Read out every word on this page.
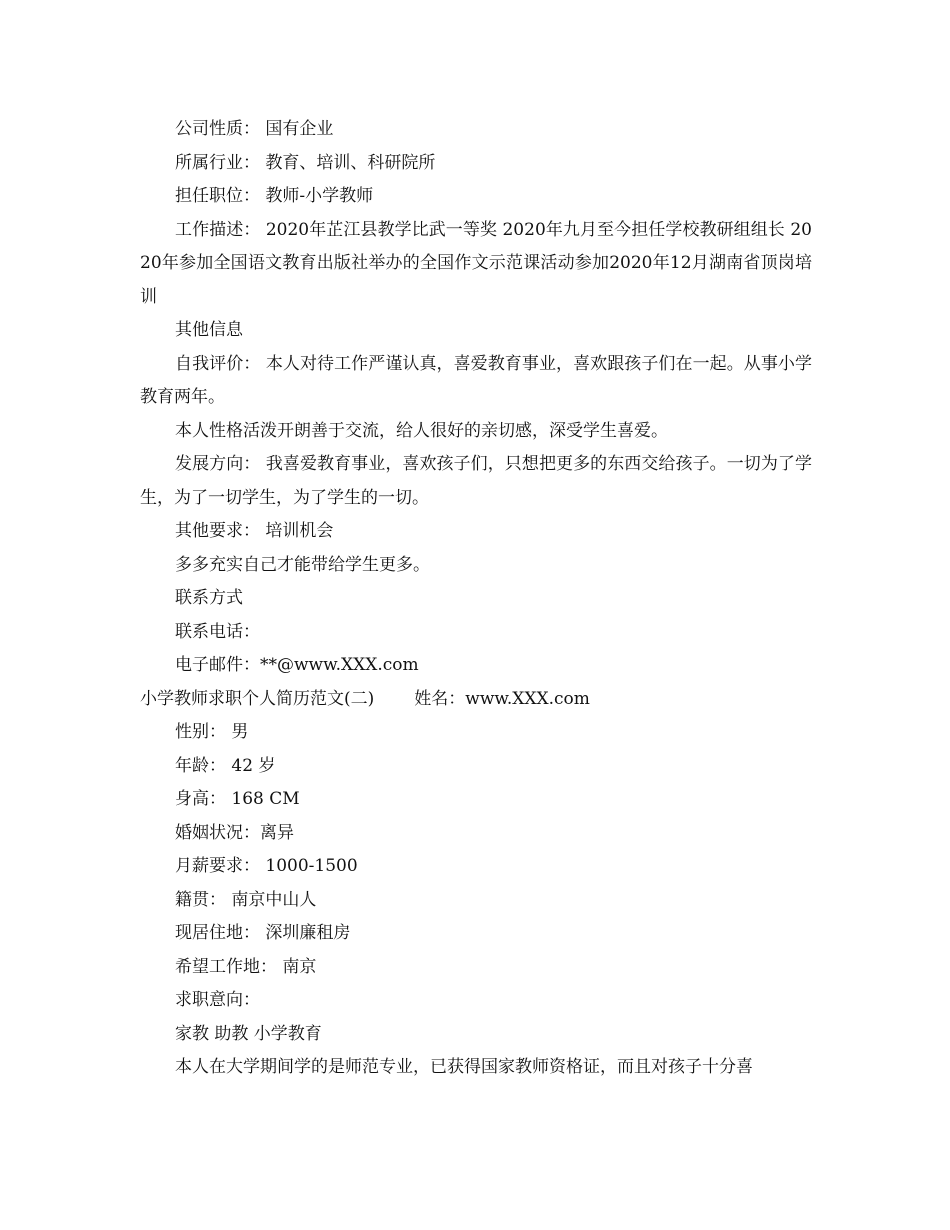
公司性质： 国有企业

所属行业： 教育、培训、科研院所

担任职位： 教师-小学教师

工作描述： 2020年芷江县教学比武一等奖 2020年九月至今担任学校教研组组长 2020年参加全国语文教育出版社举办的全国作文示范课活动参加2020年12月湖南省顶岗培训

其他信息

自我评价： 本人对待工作严谨认真，喜爱教育事业，喜欢跟孩子们在一起。从事小学教育两年。

本人性格活泼开朗善于交流，给人很好的亲切感，深受学生喜爱。

发展方向： 我喜爱教育事业，喜欢孩子们，只想把更多的东西交给孩子。一切为了学生，为了一切学生，为了学生的一切。

其他要求： 培训机会

多多充实自己才能带给学生更多。

联系方式

联系电话：

电子邮件：**@www.XXX.com

小学教师求职个人简历范文(二) 姓名：www.XXX.com

性别： 男

年龄： 42 岁

身高： 168 CM

婚姻状况：离异

月薪要求： 1000-1500

籍贯： 南京中山人

现居住地： 深圳廉租房

希望工作地： 南京

求职意向：

家教 助教 小学教育

本人在大学期间学的是师范专业，已获得国家教师资格证，而且对孩子十分喜
